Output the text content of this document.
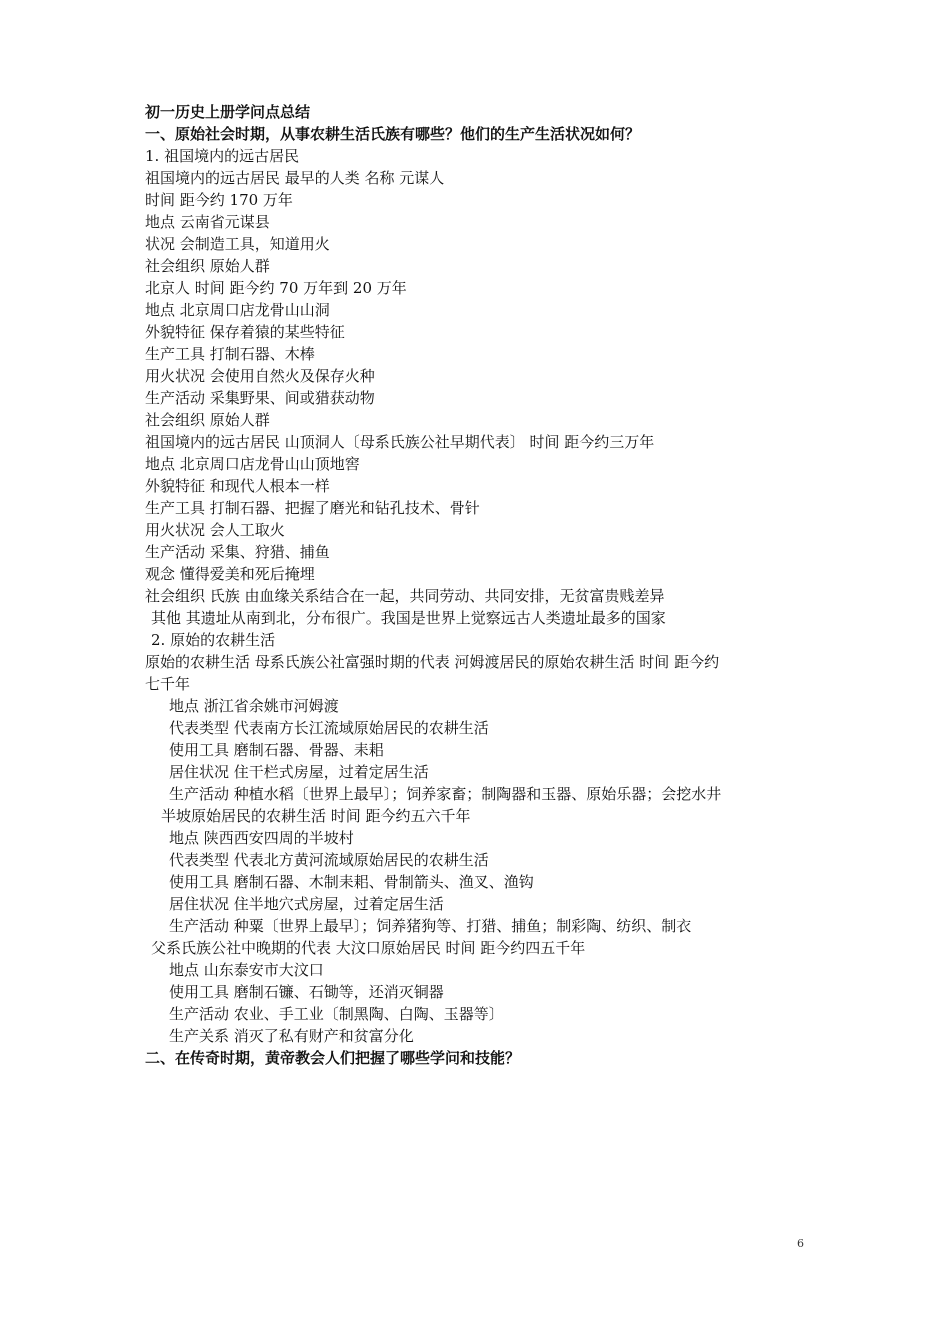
初一历史上册学问点总结
一、原始社会时期，从事农耕生活氏族有哪些？他们的生产生活状况如何？
1. 祖国境内的远古居民
祖国境内的远古居民 最早的人类 名称 元谋人
时间 距今约 170 万年
地点 云南省元谋县
状况 会制造工具，知道用火
社会组织 原始人群
北京人 时间 距今约 70 万年到 20 万年
地点 北京周口店龙骨山山洞
外貌特征 保存着猿的某些特征
生产工具 打制石器、木棒
用火状况 会使用自然火及保存火种
生产活动 采集野果、间或猎获动物
社会组织 原始人群
祖国境内的远古居民 山顶洞人〔母系氏族公社早期代表〕 时间 距今约三万年
地点 北京周口店龙骨山山顶地窖
外貌特征 和现代人根本一样
生产工具 打制石器、把握了磨光和钻孔技术、骨针
用火状况 会人工取火
生产活动 采集、狩猎、捕鱼
观念 懂得爱美和死后掩埋
社会组织 氏族 由血缘关系结合在一起，共同劳动、共同安排，无贫富贵贱差异
其他 其遗址从南到北，分布很广。我国是世界上觉察远古人类遗址最多的国家
2. 原始的农耕生活
原始的农耕生活 母系氏族公社富强时期的代表 河姆渡居民的原始农耕生活 时间 距今约
七千年
地点 浙江省余姚市河姆渡
代表类型 代表南方长江流域原始居民的农耕生活
使用工具 磨制石器、骨器、耒耜
居住状况 住干栏式房屋，过着定居生活
生产活动 种植水稻〔世界上最早〕；饲养家畜；制陶器和玉器、原始乐器；会挖水井
半坡原始居民的农耕生活 时间 距今约五六千年
地点 陕西西安四周的半坡村
代表类型 代表北方黄河流域原始居民的农耕生活
使用工具 磨制石器、木制耒耜、骨制箭头、渔叉、渔钩
居住状况 住半地穴式房屋，过着定居生活
生产活动 种粟〔世界上最早〕；饲养猪狗等、打猎、捕鱼；制彩陶、纺织、制衣
父系氏族公社中晚期的代表 大汶口原始居民 时间 距今约四五千年
地点 山东泰安市大汶口
使用工具 磨制石镰、石锄等，还消灭铜器
生产活动 农业、手工业〔制黑陶、白陶、玉器等〕
生产关系 消灭了私有财产和贫富分化
二、在传奇时期，黄帝教会人们把握了哪些学问和技能？
6
